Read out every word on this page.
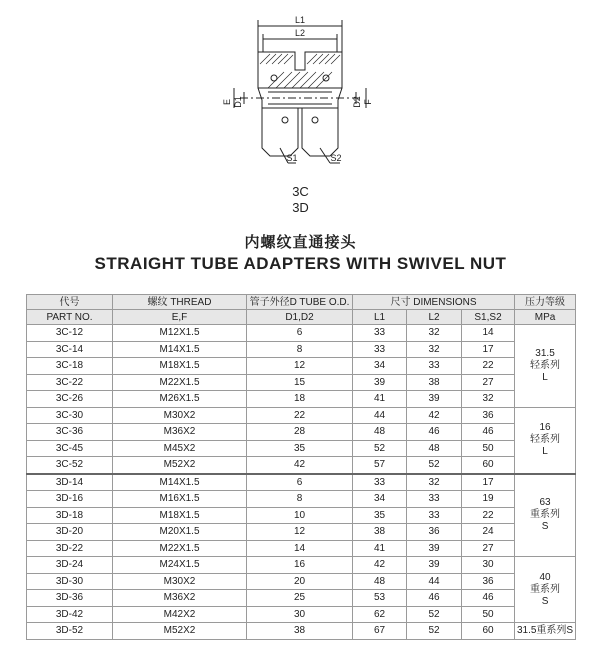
L1
L2
E D1	D2 F
S1	S2
3C
3D
内螺纹直通接头
STRAIGHT TUBE ADAPTERS WITH SWIVEL NUT
代号	螺纹 THREAD	管子外径D TUBE O.D.	尺寸 DIMENSIONS			压力等级
PART NO.	E,F	D1,D2	L1	L2	S1,S2	MPa
3C-12	M12X1.5	6	33	32	14	31.5
轻系列
L

3C-14	M14X1.5	8	33	32	17	
3C-18	M18X1.5	12	34	33	22	
3C-22	M22X1.5	15	39	38	27	
3C-26	M26X1.5	18	41	39	32	
3C-30	M30X2	22	44	42	36	16
轻系列
L

3C-36	M36X2	28	48	46	46	
3C-45	M45X2	35	52	48	50	
3C-52	M52X2	42	57	52	60	
3D-14	M14X1.5	6	33	32	17	63
重系列
S

3D-16	M16X1.5	8	34	33	19	
3D-18	M18X1.5	10	35	33	22	
3D-20	M20X1.5	12	38	36	24	
3D-22	M22X1.5	14	41	39	27	
3D-24	M24X1.5	16	42	39	30	40
重系列
S

3D-30	M30X2	20	48	44	36	
3D-36	M36X2	25	53	46	46	
3D-42	M42X2	30	62	52	50	
3D-52	M52X2	38	67	52	60	31.5重系列S
